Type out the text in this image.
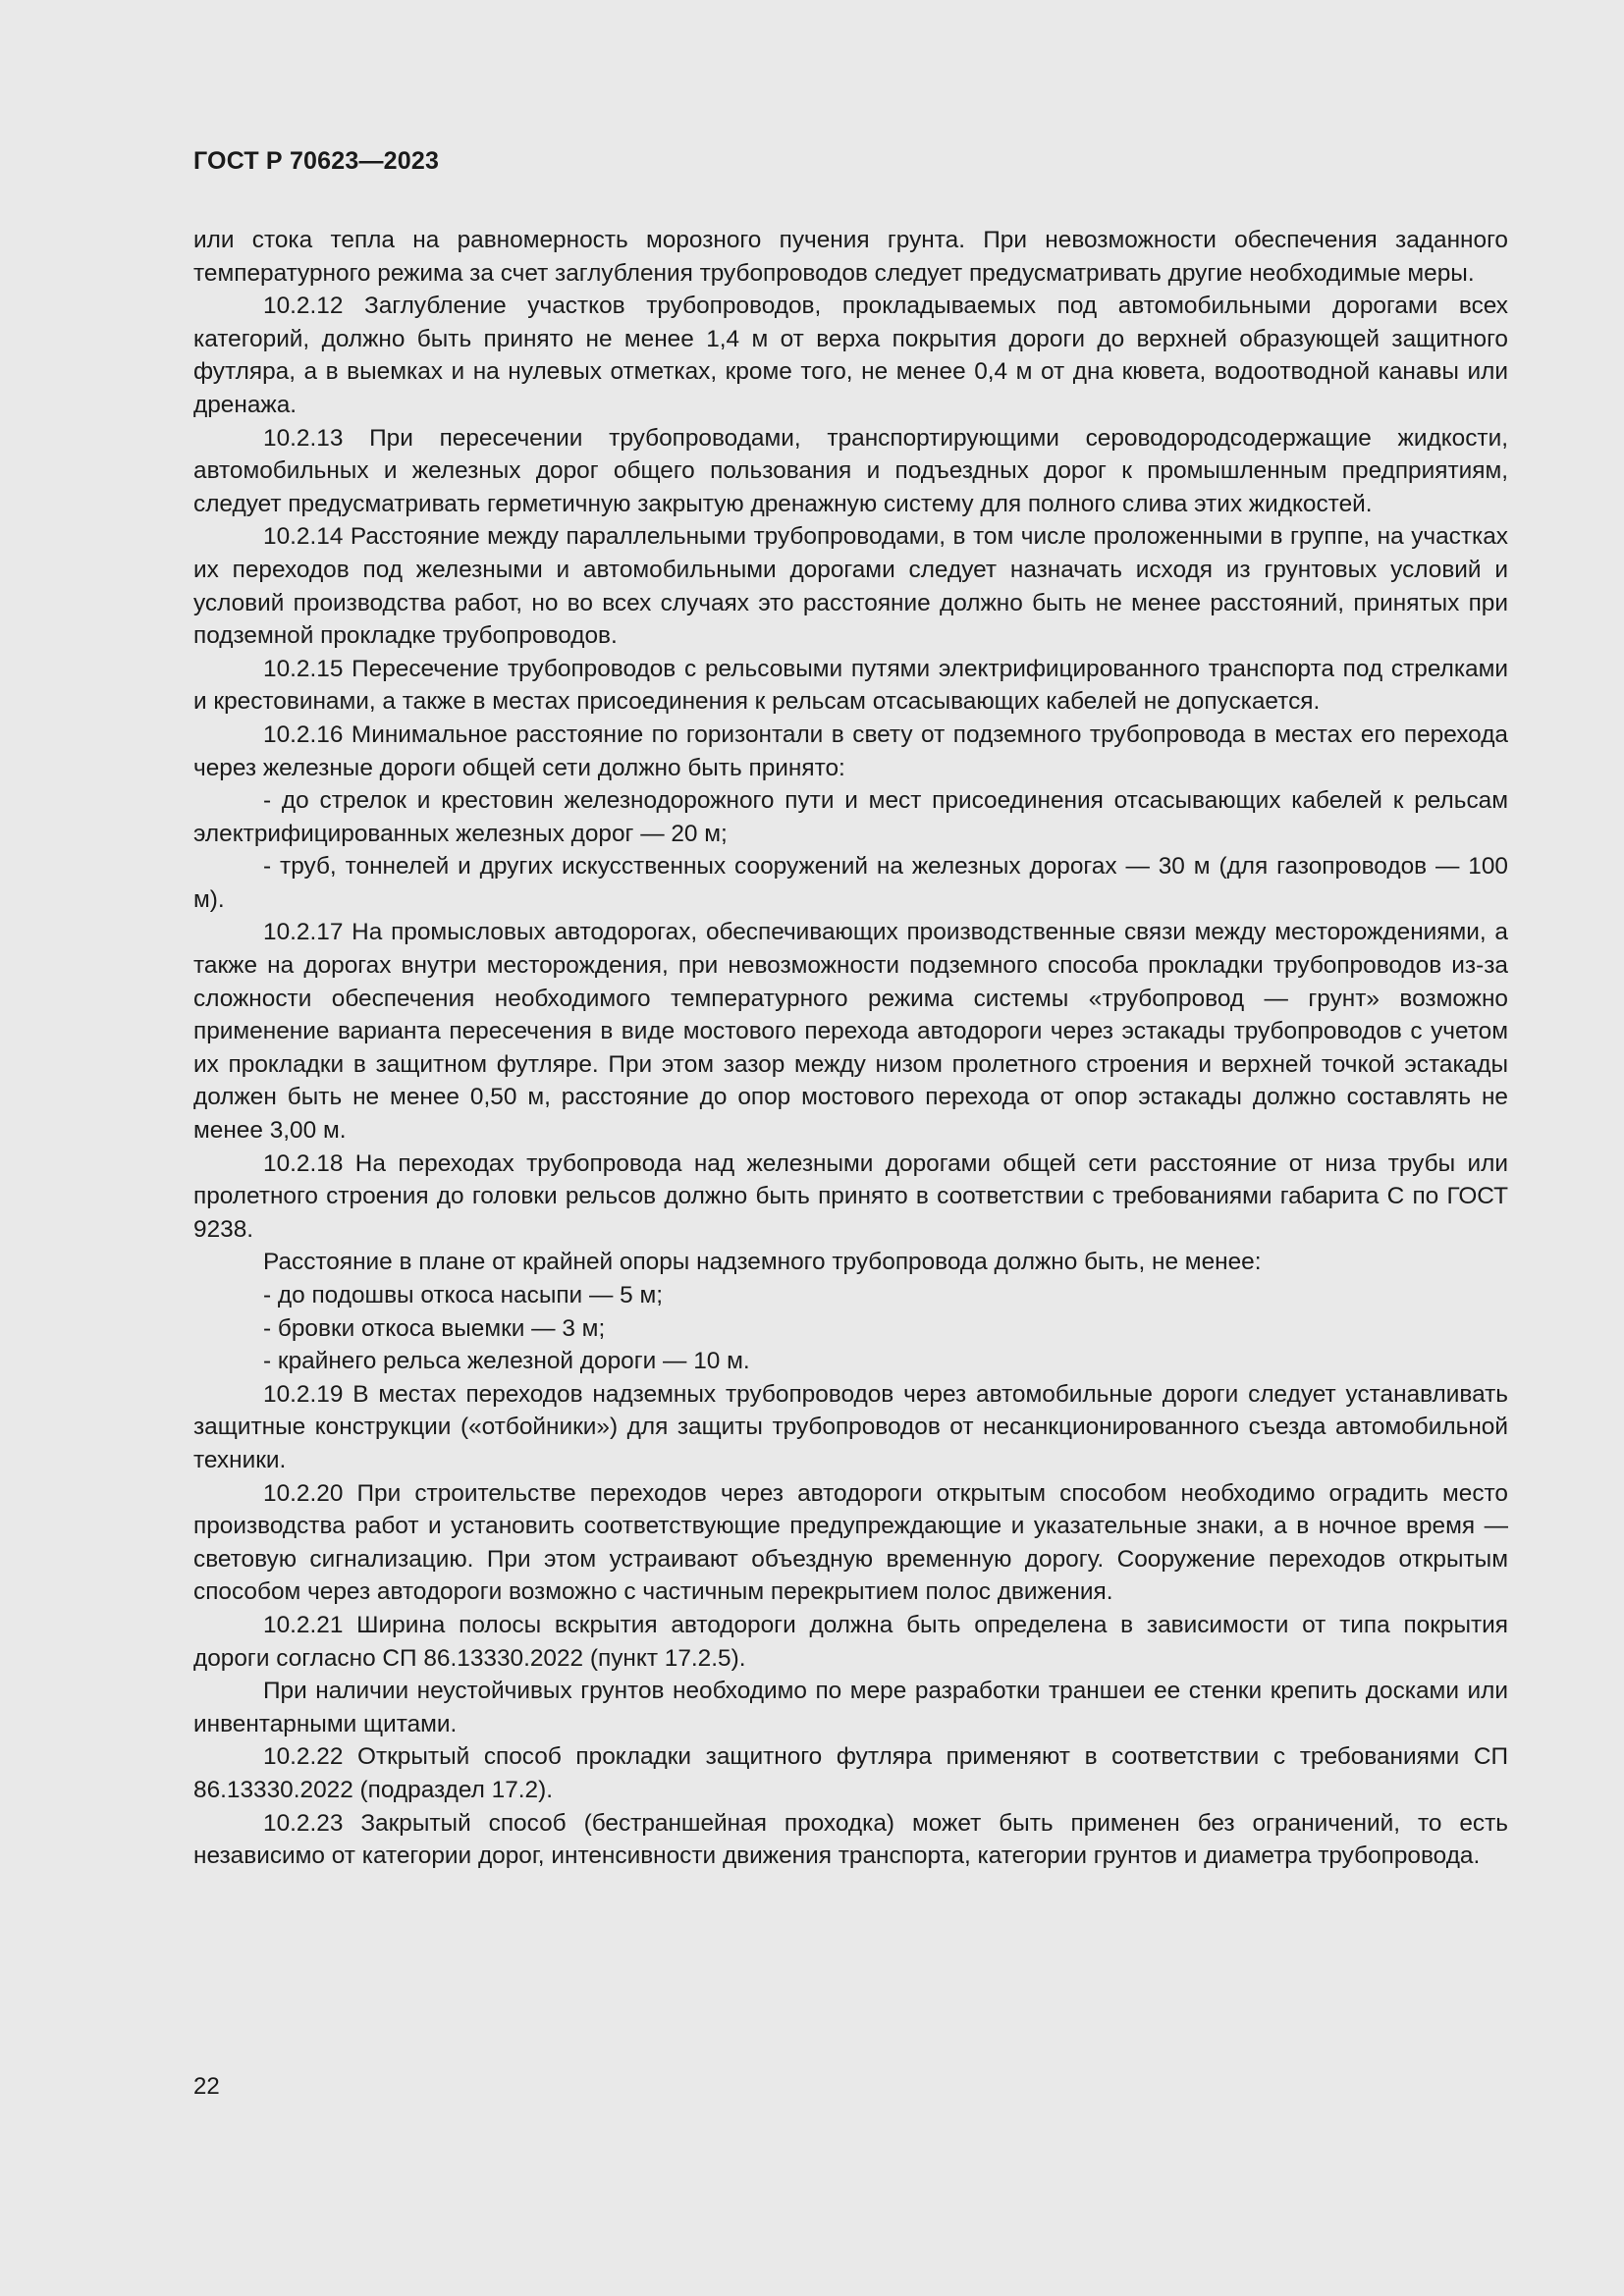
ГОСТ Р 70623—2023

или стока тепла на равномерность морозного пучения грунта. При невозможности обеспечения заданного температурного режима за счет заглубления трубопроводов следует предусматривать другие необходимые меры.

10.2.12 Заглубление участков трубопроводов, прокладываемых под автомобильными дорогами всех категорий, должно быть принято не менее 1,4 м от верха покрытия дороги до верхней образующей защитного футляра, а в выемках и на нулевых отметках, кроме того, не менее 0,4 м от дна кювета, водоотводной канавы или дренажа.

10.2.13 При пересечении трубопроводами, транспортирующими сероводородсодержащие жидкости, автомобильных и железных дорог общего пользования и подъездных дорог к промышленным предприятиям, следует предусматривать герметичную закрытую дренажную систему для полного слива этих жидкостей.

10.2.14 Расстояние между параллельными трубопроводами, в том числе проложенными в группе, на участках их переходов под железными и автомобильными дорогами следует назначать исходя из грунтовых условий и условий производства работ, но во всех случаях это расстояние должно быть не менее расстояний, принятых при подземной прокладке трубопроводов.

10.2.15 Пересечение трубопроводов с рельсовыми путями электрифицированного транспорта под стрелками и крестовинами, а также в местах присоединения к рельсам отсасывающих кабелей не допускается.

10.2.16 Минимальное расстояние по горизонтали в свету от подземного трубопровода в местах его перехода через железные дороги общей сети должно быть принято:

- до стрелок и крестовин железнодорожного пути и мест присоединения отсасывающих кабелей к рельсам электрифицированных железных дорог — 20 м;

- труб, тоннелей и других искусственных сооружений на железных дорогах — 30 м (для газопроводов — 100 м).

10.2.17 На промысловых автодорогах, обеспечивающих производственные связи между месторождениями, а также на дорогах внутри месторождения, при невозможности подземного способа прокладки трубопроводов из-за сложности обеспечения необходимого температурного режима системы «трубопровод — грунт» возможно применение варианта пересечения в виде мостового перехода автодороги через эстакады трубопроводов с учетом их прокладки в защитном футляре. При этом зазор между низом пролетного строения и верхней точкой эстакады должен быть не менее 0,50 м, расстояние до опор мостового перехода от опор эстакады должно составлять не менее 3,00 м.

10.2.18 На переходах трубопровода над железными дорогами общей сети расстояние от низа трубы или пролетного строения до головки рельсов должно быть принято в соответствии с требованиями габарита С по ГОСТ 9238.

Расстояние в плане от крайней опоры надземного трубопровода должно быть, не менее:

- до подошвы откоса насыпи — 5 м;

- бровки откоса выемки — 3 м;

- крайнего рельса железной дороги — 10 м.

10.2.19 В местах переходов надземных трубопроводов через автомобильные дороги следует устанавливать защитные конструкции («отбойники») для защиты трубопроводов от несанкционированного съезда автомобильной техники.

10.2.20 При строительстве переходов через автодороги открытым способом необходимо оградить место производства работ и установить соответствующие предупреждающие и указательные знаки, а в ночное время — световую сигнализацию. При этом устраивают объездную временную дорогу. Сооружение переходов открытым способом через автодороги возможно с частичным перекрытием полос движения.

10.2.21 Ширина полосы вскрытия автодороги должна быть определена в зависимости от типа покрытия дороги согласно СП 86.13330.2022 (пункт 17.2.5).

При наличии неустойчивых грунтов необходимо по мере разработки траншеи ее стенки крепить досками или инвентарными щитами.

10.2.22 Открытый способ прокладки защитного футляра применяют в соответствии с требованиями СП 86.13330.2022 (подраздел 17.2).

10.2.23 Закрытый способ (бестраншейная проходка) может быть применен без ограничений, то есть независимо от категории дорог, интенсивности движения транспорта, категории грунтов и диаметра трубопровода.

22
